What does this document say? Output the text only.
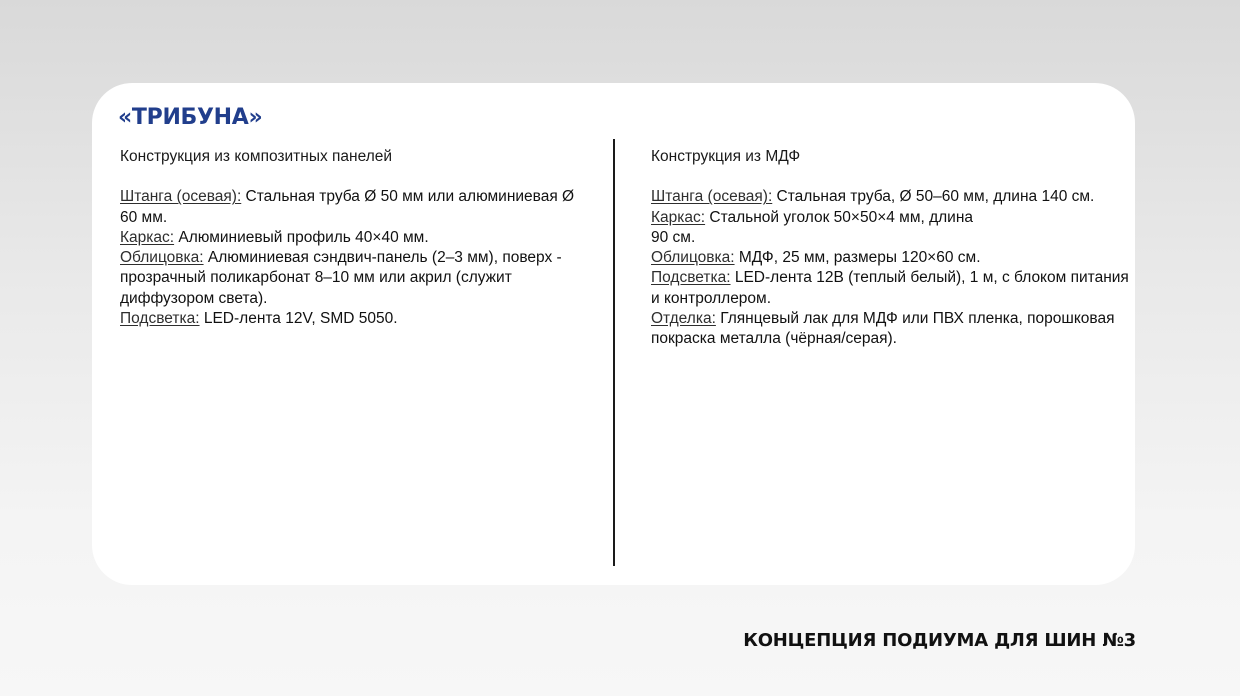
«ТРИБУНА»
Конструкция из композитных панелей
Штанга (осевая): Стальная труба Ø 50 мм или алюминиевая Ø 60 мм.
Каркас: Алюминиевый профиль 40×40 мм.
Облицовка: Алюминиевая сэндвич-панель (2–3 мм), поверх - прозрачный поликарбонат 8–10 мм или акрил (служит диффузором света).
Подсветка: LED-лента 12V, SMD 5050.
Конструкция из МДФ
Штанга (осевая): Стальная труба, Ø 50–60 мм, длина 140 см.
Каркас: Стальной уголок 50×50×4 мм, длина
90 см.
Облицовка: МДФ, 25 мм, размеры 120×60 см.
Подсветка: LED-лента 12В (теплый белый), 1 м, с блоком питания и контроллером.
Отделка: Глянцевый лак для МДФ или ПВХ пленка, порошковая покраска металла (чёрная/серая).
КОНЦЕПЦИЯ ПОДИУМА ДЛЯ ШИН №3
